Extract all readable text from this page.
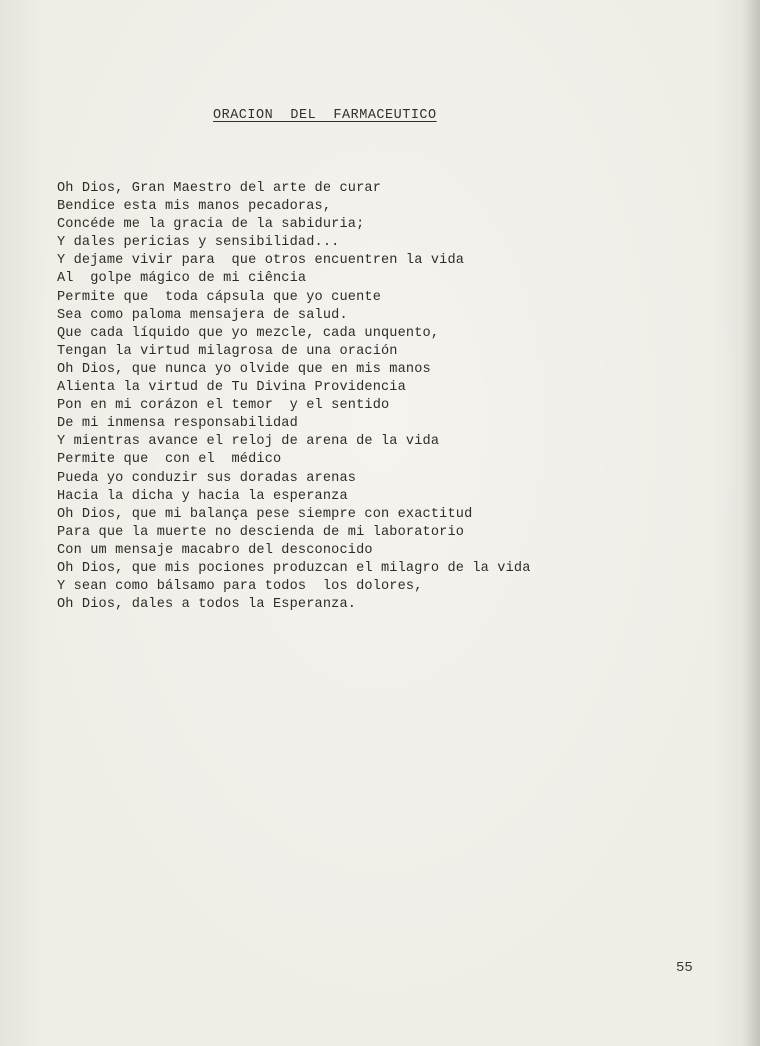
ORACION  DEL  FARMACEUTICO
Oh Dios, Gran Maestro del arte de curar
Bendice esta mis manos pecadoras,
Concéde me la gracia de la sabiduria;
Y dales pericias y sensibilidad...
Y dejame vivir para  que otros encuentren la vida
Al  golpe mágico de mi ciência
Permite que  toda cápsula que yo cuente
Sea como paloma mensajera de salud.
Que cada líquido que yo mezcle, cada unquento,
Tengan la virtud milagrosa de una oración
Oh Dios, que nunca yo olvide que en mis manos
Alienta la virtud de Tu Divina Providencia
Pon en mi corázon el temor  y el sentido
De mi inmensa responsabilidad
Y mientras avance el reloj de arena de la vida
Permite que  con el  médico
Pueda yo conduzir sus doradas arenas
Hacia la dicha y hacia la esperanza
Oh Dios, que mi balança pese siempre con exactitud
Para que la muerte no descienda de mi laboratorio
Con um mensaje macabro del desconocido
Oh Dios, que mis pociones produzcan el milagro de la vida
Y sean como bálsamo para todos  los dolores,
Oh Dios, dales a todos la Esperanza.
55
